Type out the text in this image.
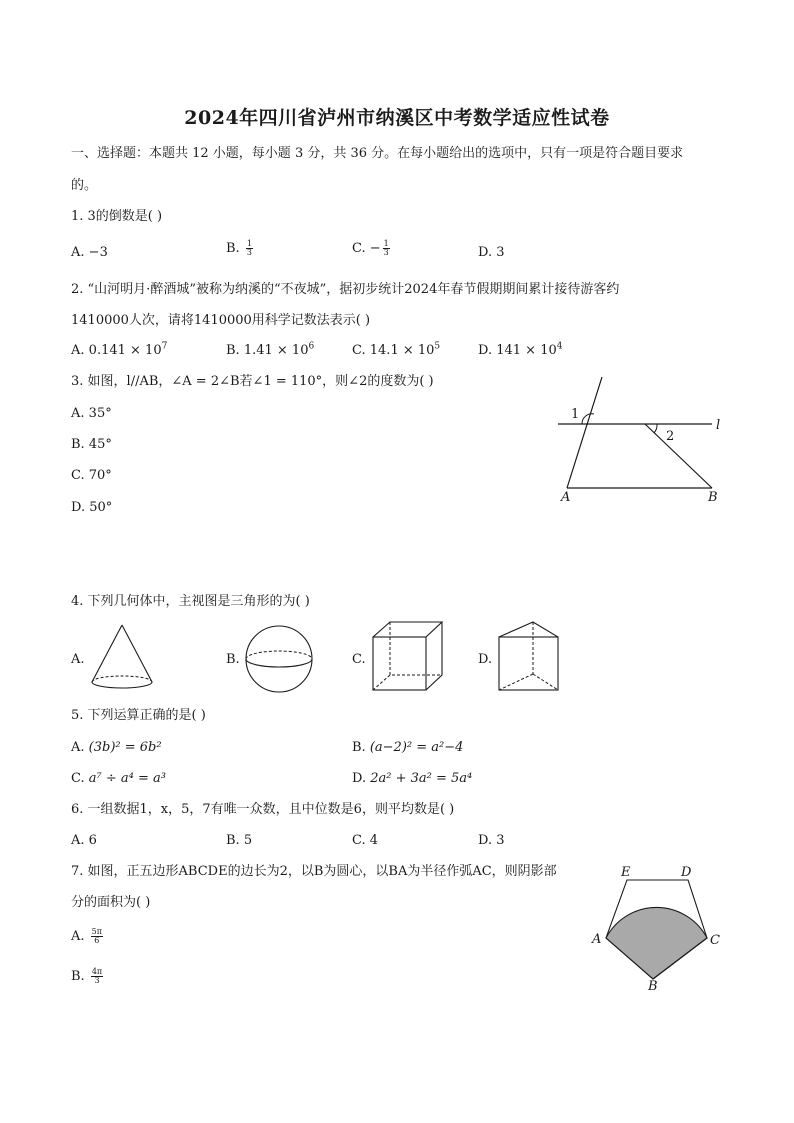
2024年四川省泸州市纳溪区中考数学适应性试卷
一、选择题：本题共 12 小题，每小题 3 分，共 36 分。在每小题给出的选项中，只有一项是符合题目要求
的。
1. 3的倒数是( )
A. −3	B. $\frac{1}{3}$	C. − $\frac{1}{3}$	D. 3
2. “山河明月·醉酒城”被称为纳溪的“不夜城”，据初步统计2024年春节假期期间累计接待游客约
1410000人次，请将1410000用科学记数法表示( )
A. $0.141 \times 10^7$	B. $1.41 \times 10^6$	C. $14.1 \times 10^5$	D. $141 \times 10^4$
3. 如图，l//AB，∠A = 2∠B若∠1 = 110°，则∠2的度数为( )
A. 35°
B. 45°
C. 70°
D. 50°
1
2
l
A	B
4. 下列几何体中，主视图是三角形的为( )
A.	B.	C.	D.
5. 下列运算正确的是( )
A. (3b)² = 6b²	B. (a−2)² = a²−4
C. a⁷ ÷ a⁴ = a³	D. 2a² + 3a² = 5a⁴
6. 一组数据1，x，5，7有唯一众数，且中位数是6，则平均数是( )
A. 6	B. 5	C. 4	D. 3
7. 如图，正五边形ABCDE的边长为2，以B为圆心，以BA为半径作弧AC，则阴影部
分的面积为( )
A. $\frac{5\pi}{6}$
B. $\frac{4\pi}{3}$
E	D
A	C
B
